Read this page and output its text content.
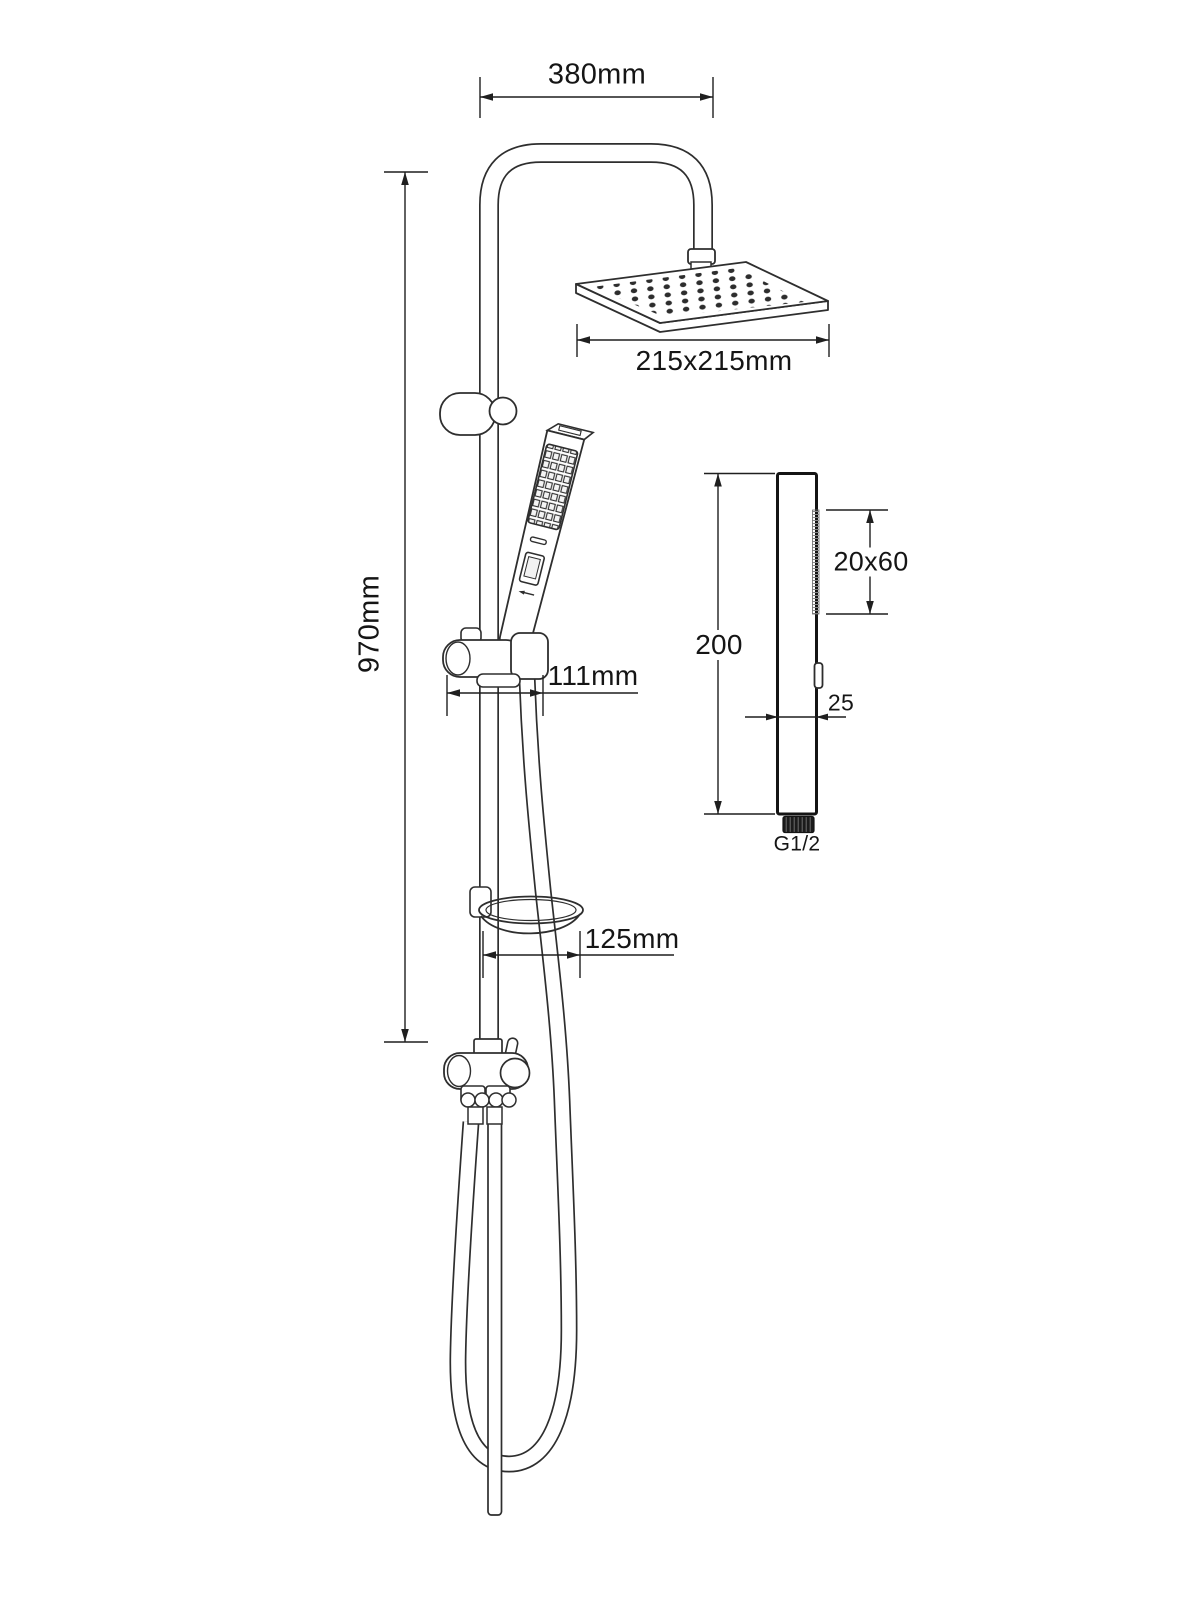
380mm
215x215mm
970mm
111mm
125mm
200
20x60
25
G1/2
